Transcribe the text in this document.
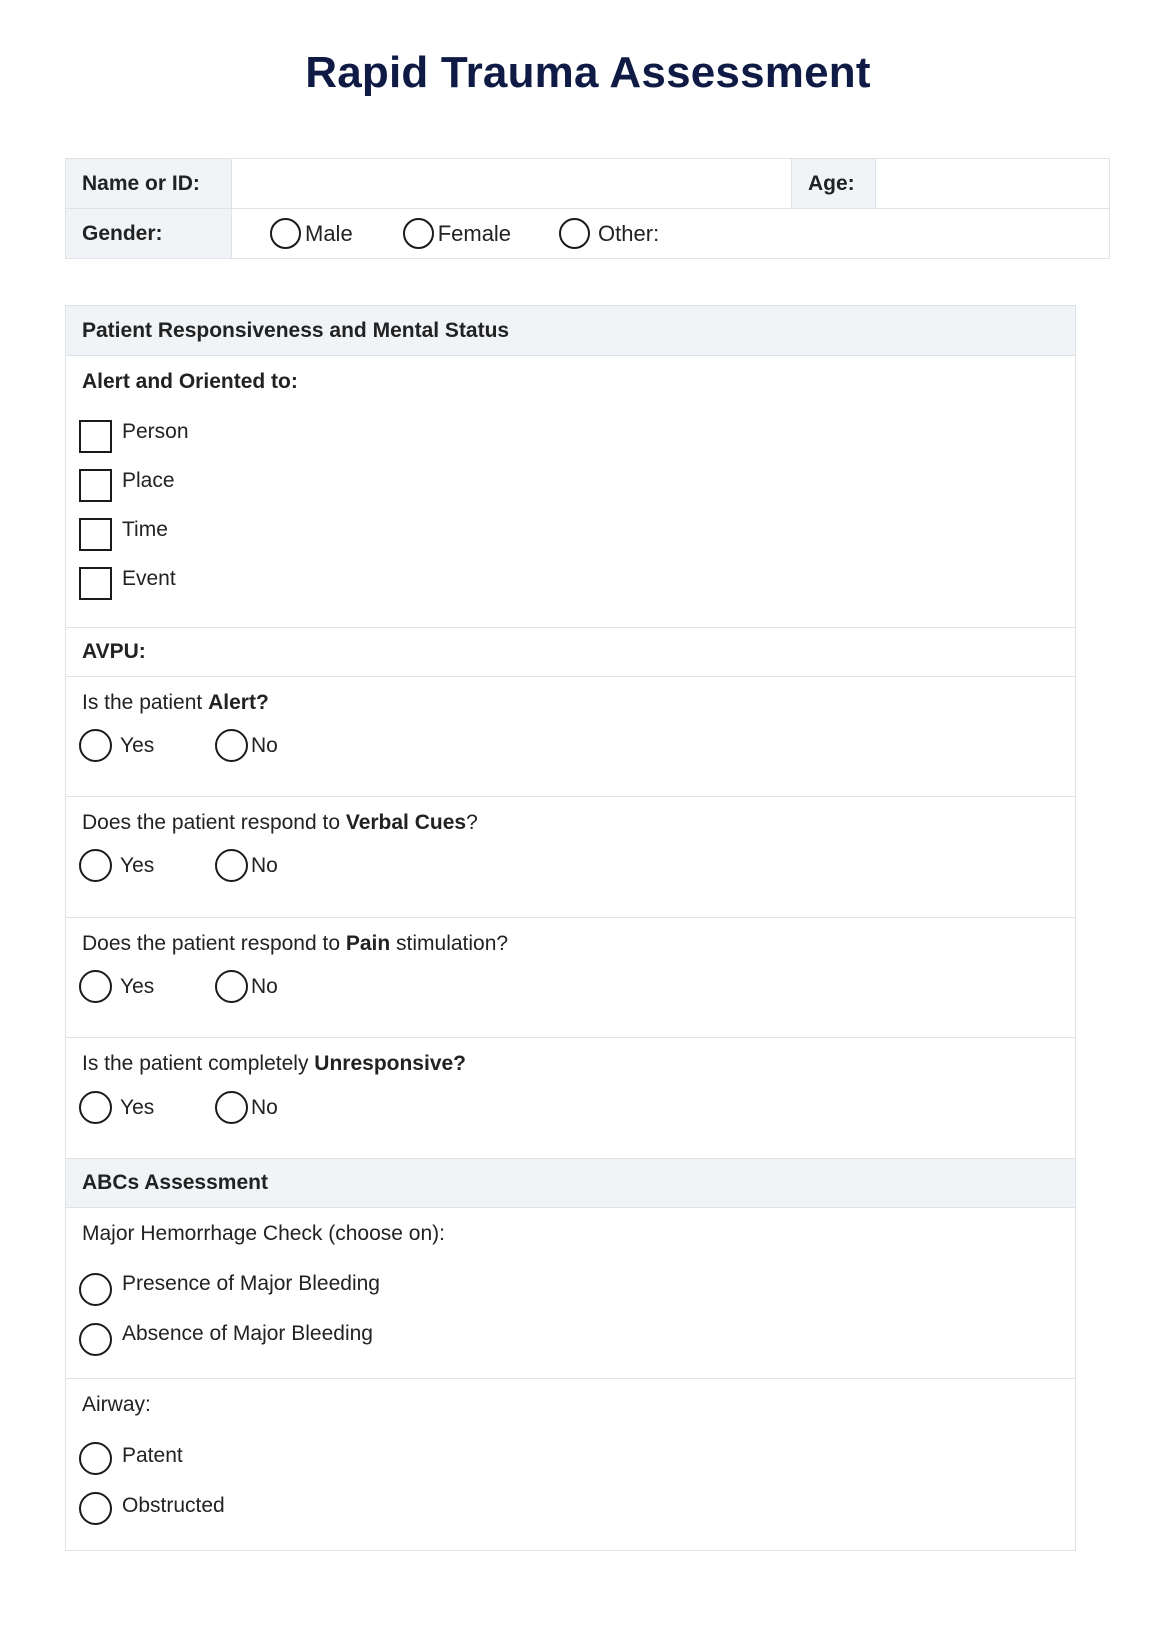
Rapid Trauma Assessment
Name or ID:	Age:
Gender:	Male	Female	Other:
Patient Responsiveness and Mental Status
Alert and Oriented to:
Person
Place
Time
Event
AVPU:
Is the patient Alert?
Yes	No
Does the patient respond to Verbal Cues?
Yes	No
Does the patient respond to Pain stimulation?
Yes	No
Is the patient completely Unresponsive?
Yes	No
ABCs Assessment
Major Hemorrhage Check (choose on):
Presence of Major Bleeding
Absence of Major Bleeding
Airway:
Patent
Obstructed
